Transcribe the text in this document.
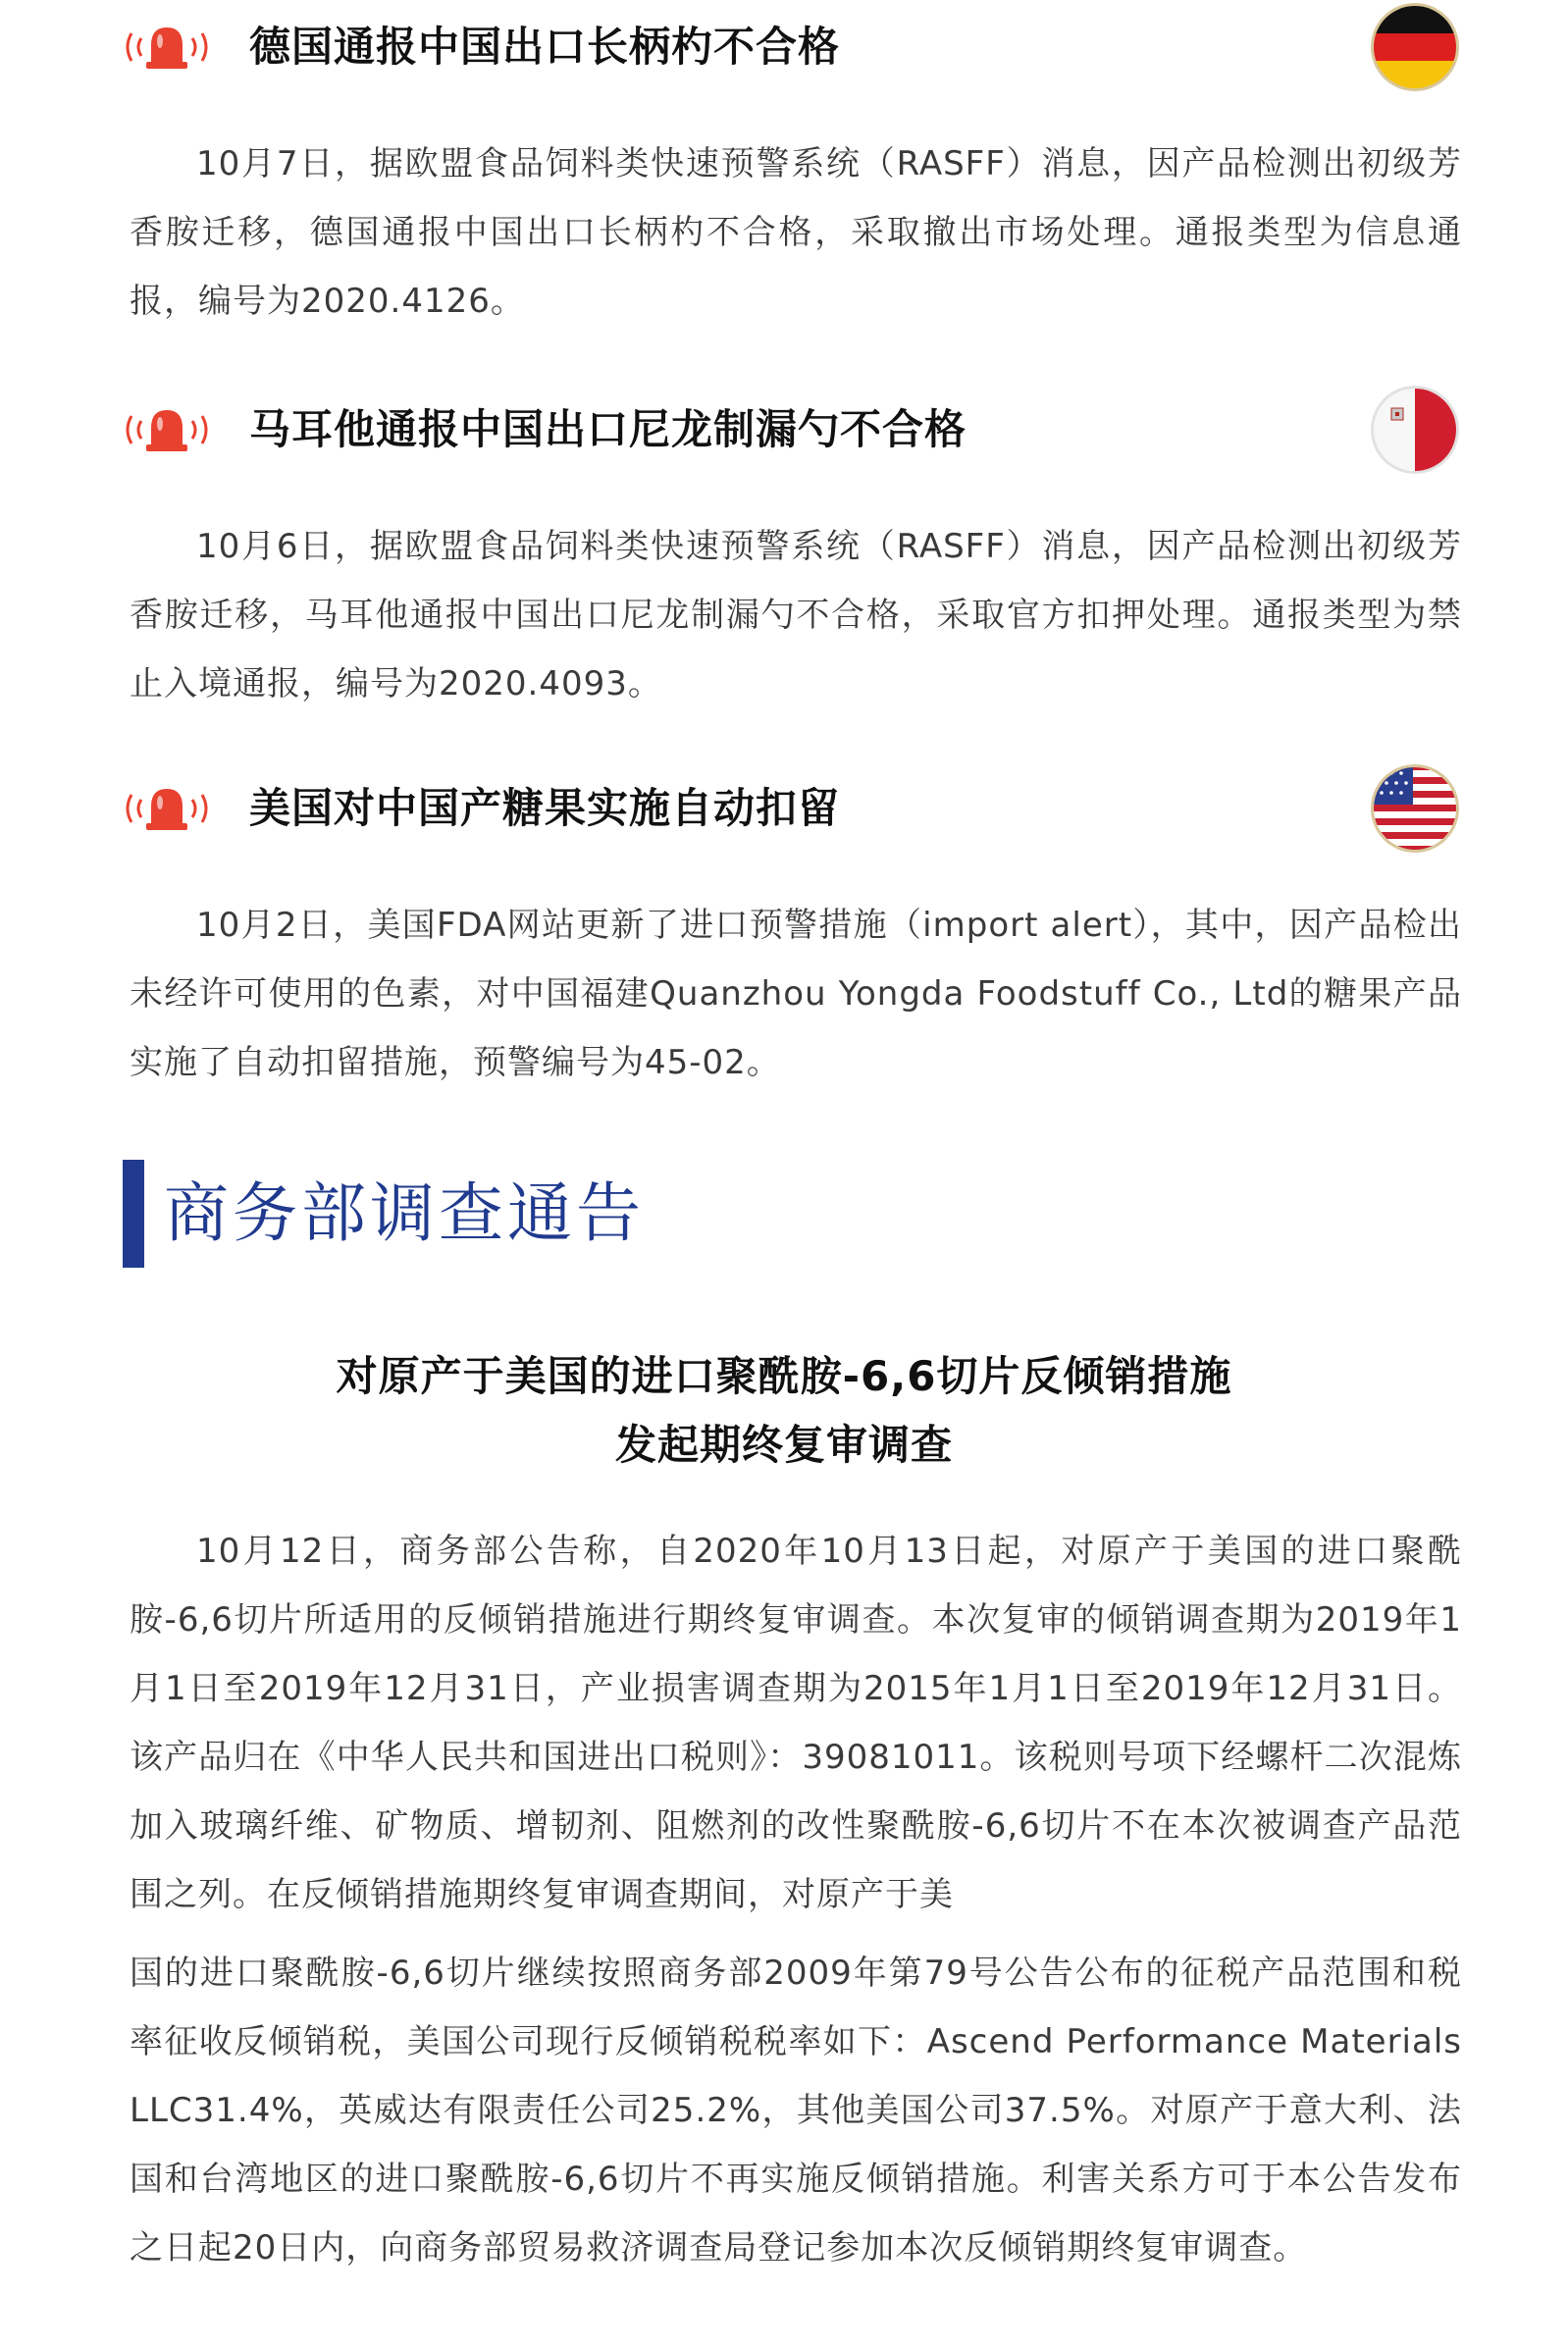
德国通报中国出口长柄杓不合格

10月7日，据欧盟食品饲料类快速预警系统（RASFF）消息，因产品检测出初级芳香胺迁移，德国通报中国出口长柄杓不合格，采取撤出市场处理。通报类型为信息通报，编号为2020.4126。

马耳他通报中国出口尼龙制漏勺不合格

10月6日，据欧盟食品饲料类快速预警系统（RASFF）消息，因产品检测出初级芳香胺迁移，马耳他通报中国出口尼龙制漏勺不合格，采取官方扣押处理。通报类型为禁止入境通报，编号为2020.4093。

美国对中国产糖果实施自动扣留

10月2日，美国FDA网站更新了进口预警措施（import alert），其中，因产品检出未经许可使用的色素，对中国福建Quanzhou Yongda Foodstuff Co., Ltd的糖果产品实施了自动扣留措施，预警编号为45-02。

商务部调查通告
对原产于美国的进口聚酰胺-6,6切片反倾销措施
发起期终复审调查

10月12日，商务部公告称，自2020年10月13日起，对原产于美国的进口聚酰胺-6,6切片所适用的反倾销措施进行期终复审调查。本次复审的倾销调查期为2019年1月1日至2019年12月31日，产业损害调查期为2015年1月1日至2019年12月31日。该产品归在《中华人民共和国进出口税则》：39081011。该税则号项下经螺杆二次混炼加入玻璃纤维、矿物质、增韧剂、阻燃剂的改性聚酰胺-6,6切片不在本次被调查产品范围之列。在反倾销措施期终复审调查期间，对原产于美

国的进口聚酰胺-6,6切片继续按照商务部2009年第79号公告公布的征税产品范围和税率征收反倾销税，美国公司现行反倾销税税率如下：Ascend Performance Materials LLC31.4%，英威达有限责任公司25.2%，其他美国公司37.5%。对原产于意大利、法国和台湾地区的进口聚酰胺-6,6切片不再实施反倾销措施。利害关系方可于本公告发布之日起20日内，向商务部贸易救济调查局登记参加本次反倾销期终复审调查。
